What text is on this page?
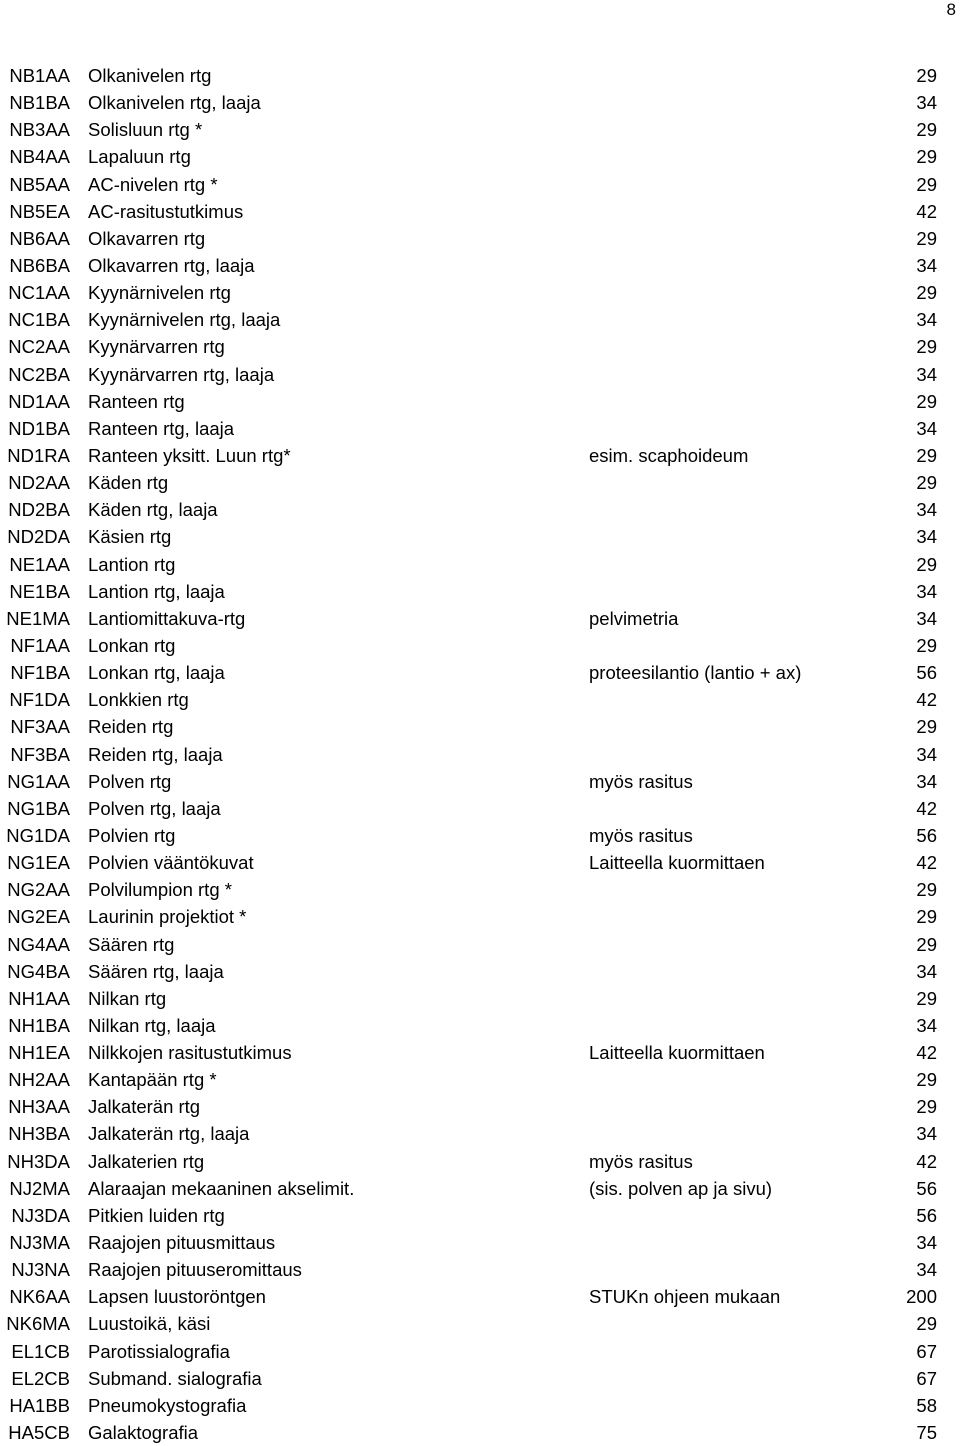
8
NB1AA Olkanivelen rtg	29
NB1BA Olkanivelen rtg, laaja	34
NB3AA Solisluun rtg *	29
NB4AA Lapaluun rtg	29
NB5AA AC-nivelen rtg *	29
NB5EA AC-rasitustutkimus	42
NB6AA Olkavarren rtg	29
NB6BA Olkavarren rtg, laaja	34
NC1AA Kyynärnivelen rtg	29
NC1BA Kyynärnivelen rtg, laaja	34
NC2AA Kyynärvarren rtg	29
NC2BA Kyynärvarren rtg, laaja	34
ND1AA Ranteen rtg	29
ND1BA Ranteen rtg, laaja	34
ND1RA Ranteen yksitt. Luun rtg*	esim. scaphoideum	29
ND2AA Käden rtg	29
ND2BA Käden rtg, laaja	34
ND2DA Käsien rtg	34
NE1AA Lantion rtg	29
NE1BA Lantion rtg, laaja	34
NE1MA Lantiomittakuva-rtg	pelvimetria	34
NF1AA Lonkan rtg	29
NF1BA Lonkan rtg, laaja	proteesilantio (lantio + ax)	56
NF1DA Lonkkien rtg	42
NF3AA Reiden rtg	29
NF3BA Reiden rtg, laaja	34
NG1AA Polven rtg	myös rasitus	34
NG1BA Polven rtg, laaja	42
NG1DA Polvien rtg	myös rasitus	56
NG1EA Polvien vääntökuvat	Laitteella kuormittaen	42
NG2AA Polvilumpion rtg *	29
NG2EA Laurinin projektiot *	29
NG4AA Säären rtg	29
NG4BA Säären rtg, laaja	34
NH1AA Nilkan rtg	29
NH1BA Nilkan rtg, laaja	34
NH1EA Nilkkojen rasitustutkimus	Laitteella kuormittaen	42
NH2AA Kantapään rtg *	29
NH3AA Jalkaterän rtg	29
NH3BA Jalkaterän rtg, laaja	34
NH3DA Jalkaterien rtg	myös rasitus	42
NJ2MA Alaraajan mekaaninen akselimit.	(sis. polven ap ja sivu)	56
NJ3DA Pitkien luiden rtg	56
NJ3MA Raajojen pituusmittaus	34
NJ3NA Raajojen pituuseromittaus	34
NK6AA Lapsen luustoröntgen	STUKn ohjeen mukaan	200
NK6MA Luustoikä, käsi	29
EL1CB Parotissialografia	67
EL2CB Submand. sialografia	67
HA1BB Pneumokystografia	58
HA5CB Galaktografia	75
